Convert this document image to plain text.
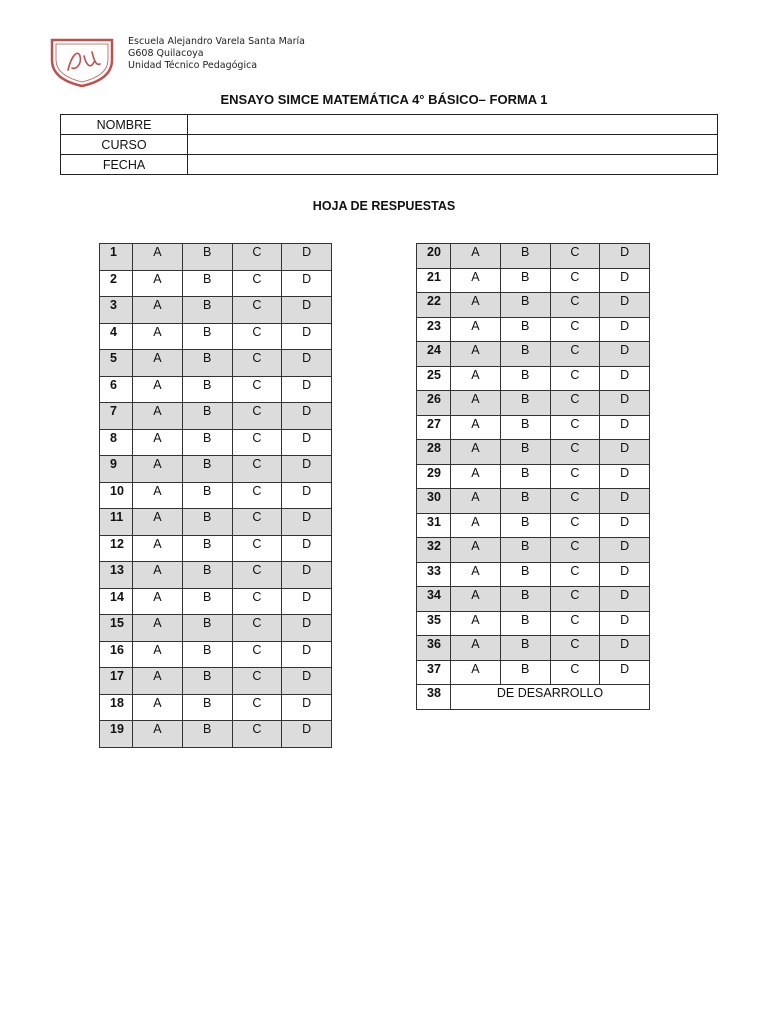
Escuela Alejandro Varela Santa María
G608 Quilacoya
Unidad Técnico Pedagógica
ENSAYO SIMCE MATEMÁTICA 4° BÁSICO– FORMA 1
NOMBRE	
CURSO	
FECHA	
HOJA DE RESPUESTAS
1	A	B	C	D
2	A	B	C	D
3	A	B	C	D
4	A	B	C	D
5	A	B	C	D
6	A	B	C	D
7	A	B	C	D
8	A	B	C	D
9	A	B	C	D
10	A	B	C	D
11	A	B	C	D
12	A	B	C	D
13	A	B	C	D
14	A	B	C	D
15	A	B	C	D
16	A	B	C	D
17	A	B	C	D
18	A	B	C	D
19	A	B	C	D
20	A	B	C	D
21	A	B	C	D
22	A	B	C	D
23	A	B	C	D
24	A	B	C	D
25	A	B	C	D
26	A	B	C	D
27	A	B	C	D
28	A	B	C	D
29	A	B	C	D
30	A	B	C	D
31	A	B	C	D
32	A	B	C	D
33	A	B	C	D
34	A	B	C	D
35	A	B	C	D
36	A	B	C	D
37	A	B	C	D
38	DE DESARROLLO			
